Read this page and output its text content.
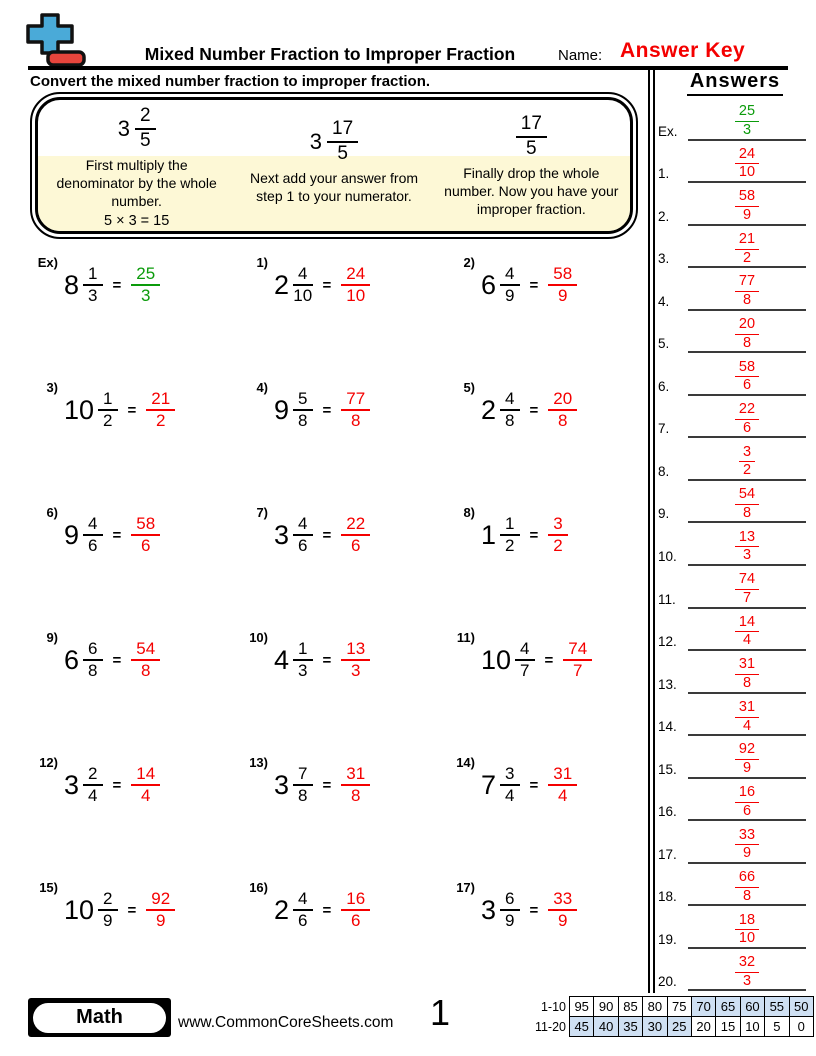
Mixed Number Fraction to Improper Fraction	Name: Answer Key
Convert the mixed number fraction to improper fraction.
$3 \frac{2}{5}$
First multiply the denominator by the whole number.
5 × 3 = 15
$3 \frac{17}{5}$
Next add your answer from step 1 to your numerator.
$\frac{17}{5}$
Finally drop the whole number. Now you have your improper fraction.
Ex)
$8 \frac{1}{3} = \frac{25}{3}$
1)
$2 \frac{4}{10} = \frac{24}{10}$
2)
$6 \frac{4}{9} = \frac{58}{9}$
3)
$10 \frac{1}{2} = \frac{21}{2}$
4)
$9 \frac{5}{8} = \frac{77}{8}$
5)
$2 \frac{4}{8} = \frac{20}{8}$
6)
$9 \frac{4}{6} = \frac{58}{6}$
7)
$3 \frac{4}{6} = \frac{22}{6}$
8)
$1 \frac{1}{2} = \frac{3}{2}$
9)
$6 \frac{6}{8} = \frac{54}{8}$
10)
$4 \frac{1}{3} = \frac{13}{3}$
11)
$10 \frac{4}{7} = \frac{74}{7}$
12)
$3 \frac{2}{4} = \frac{14}{4}$
13)
$3 \frac{7}{8} = \frac{31}{8}$
14)
$7 \frac{3}{4} = \frac{31}{4}$
15)
$10 \frac{2}{9} = \frac{92}{9}$
16)
$2 \frac{4}{6} = \frac{16}{6}$
17)
$3 \frac{6}{9} = \frac{33}{9}$
Answers
Ex.	$\frac{25}{3}$
1.	$\frac{24}{10}$
2.	$\frac{58}{9}$
3.	$\frac{21}{2}$
4.	$\frac{77}{8}$
5.	$\frac{20}{8}$
6.	$\frac{58}{6}$
7.	$\frac{22}{6}$
8.	$\frac{3}{2}$
9.	$\frac{54}{8}$
10.	$\frac{13}{3}$
11.	$\frac{74}{7}$
12.	$\frac{14}{4}$
13.	$\frac{31}{8}$
14.	$\frac{31}{4}$
15.	$\frac{92}{9}$
16.	$\frac{16}{6}$
17.	$\frac{33}{9}$
18.	$\frac{66}{8}$
19.	$\frac{18}{10}$
20.	$\frac{32}{3}$
Math	www.CommonCoreSheets.com	1	1-10 95 90 85 80 75 70 65 60 55 50
11-20 45 40 35 30 25 20 15 10	5	0
